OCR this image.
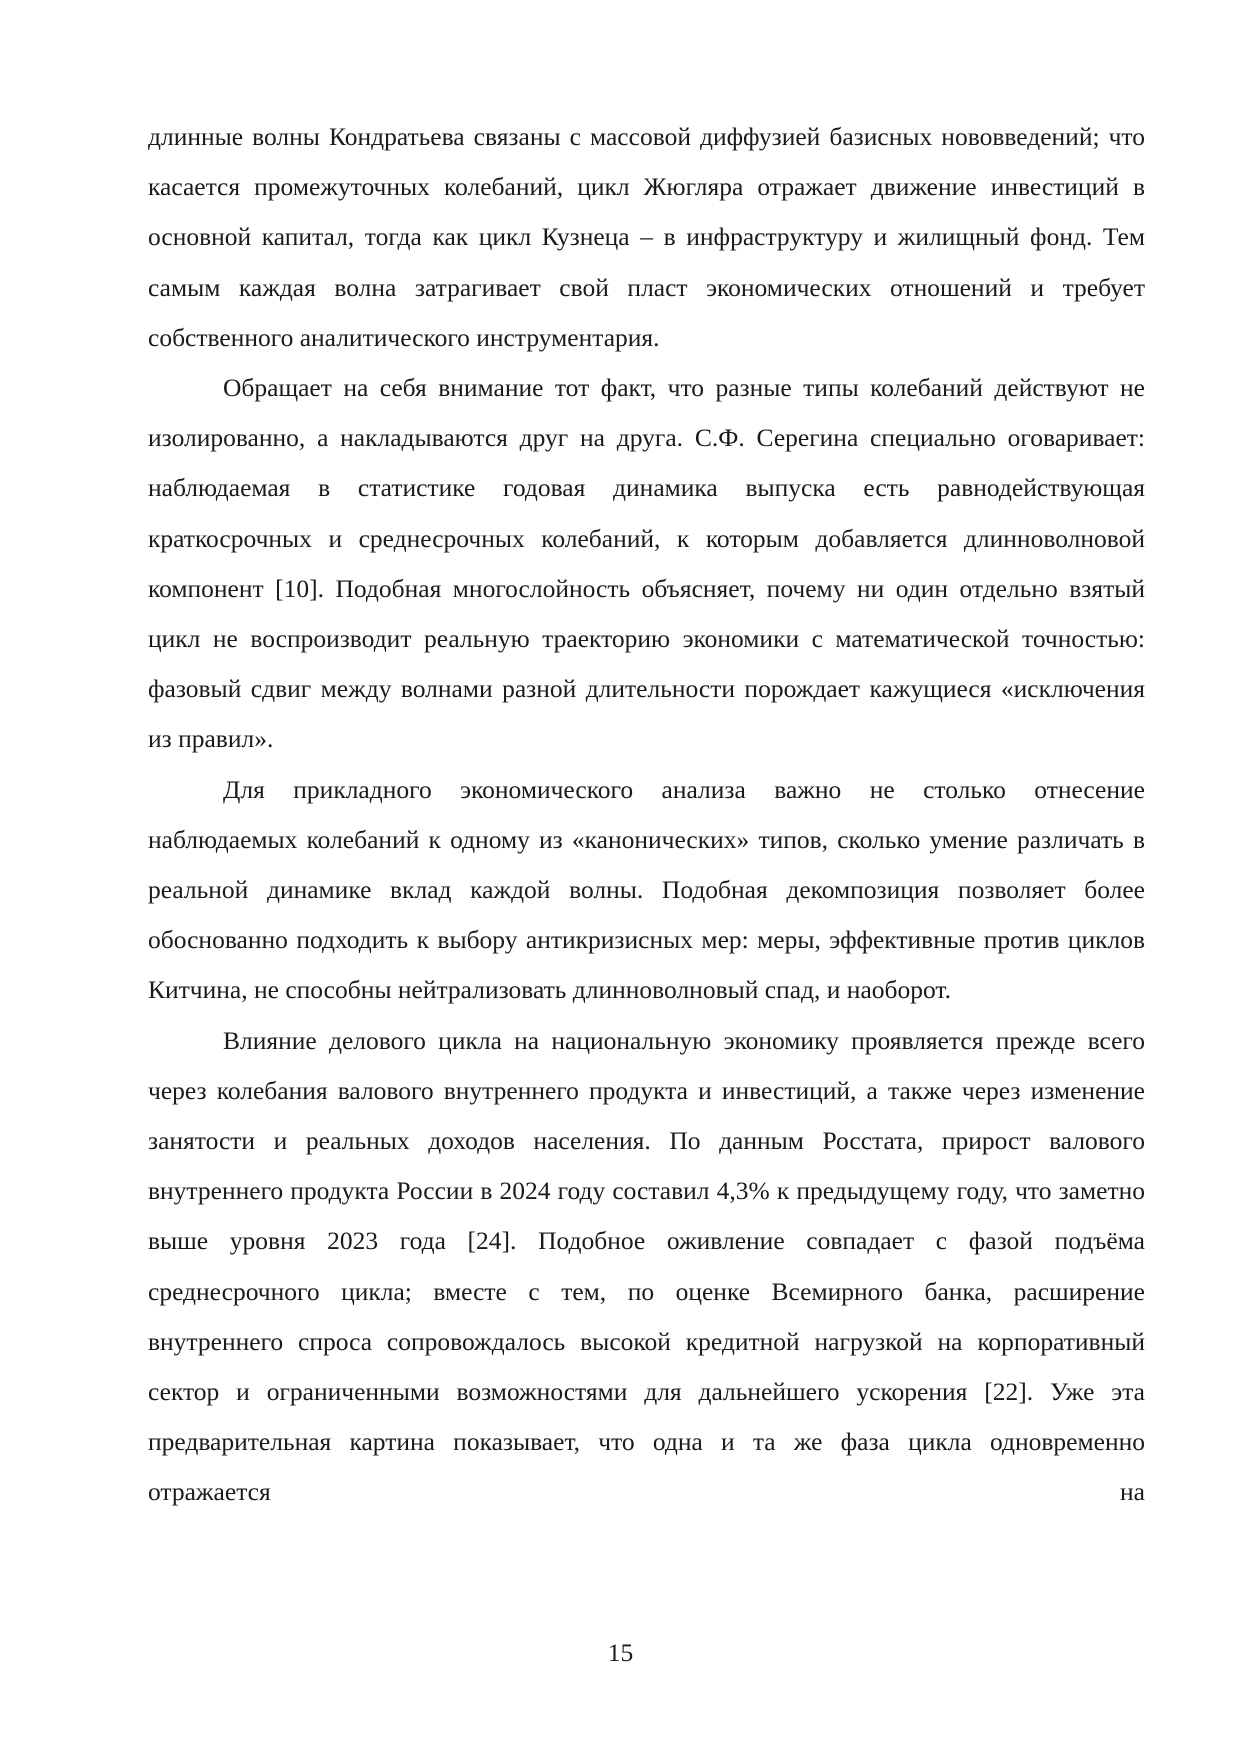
длинные волны Кондратьева связаны с массовой диффузией базисных нововведений; что касается промежуточных колебаний, цикл Жюгляра отражает движение инвестиций в основной капитал, тогда как цикл Кузнеца – в инфраструктуру и жилищный фонд. Тем самым каждая волна затрагивает свой пласт экономических отношений и требует собственного аналитического инструментария.

Обращает на себя внимание тот факт, что разные типы колебаний действуют не изолированно, а накладываются друг на друга. С.Ф. Серегина специально оговаривает: наблюдаемая в статистике годовая динамика выпуска есть равнодействующая краткосрочных и среднесрочных колебаний, к которым добавляется длинноволновой компонент [10]. Подобная многослойность объясняет, почему ни один отдельно взятый цикл не воспроизводит реальную траекторию экономики с математической точностью: фазовый сдвиг между волнами разной длительности порождает кажущиеся «исключения из правил».

Для прикладного экономического анализа важно не столько отнесение наблюдаемых колебаний к одному из «канонических» типов, сколько умение различать в реальной динамике вклад каждой волны. Подобная декомпозиция позволяет более обоснованно подходить к выбору антикризисных мер: меры, эффективные против циклов Китчина, не способны нейтрализовать длинноволновый спад, и наоборот.

Влияние делового цикла на национальную экономику проявляется прежде всего через колебания валового внутреннего продукта и инвестиций, а также через изменение занятости и реальных доходов населения. По данным Росстата, прирост валового внутреннего продукта России в 2024 году составил 4,3% к предыдущему году, что заметно выше уровня 2023 года [24]. Подобное оживление совпадает с фазой подъёма среднесрочного цикла; вместе с тем, по оценке Всемирного банка, расширение внутреннего спроса сопровождалось высокой кредитной нагрузкой на корпоративный сектор и ограниченными возможностями для дальнейшего ускорения [22]. Уже эта предварительная картина показывает, что одна и та же фаза цикла одновременно отражается на

15
